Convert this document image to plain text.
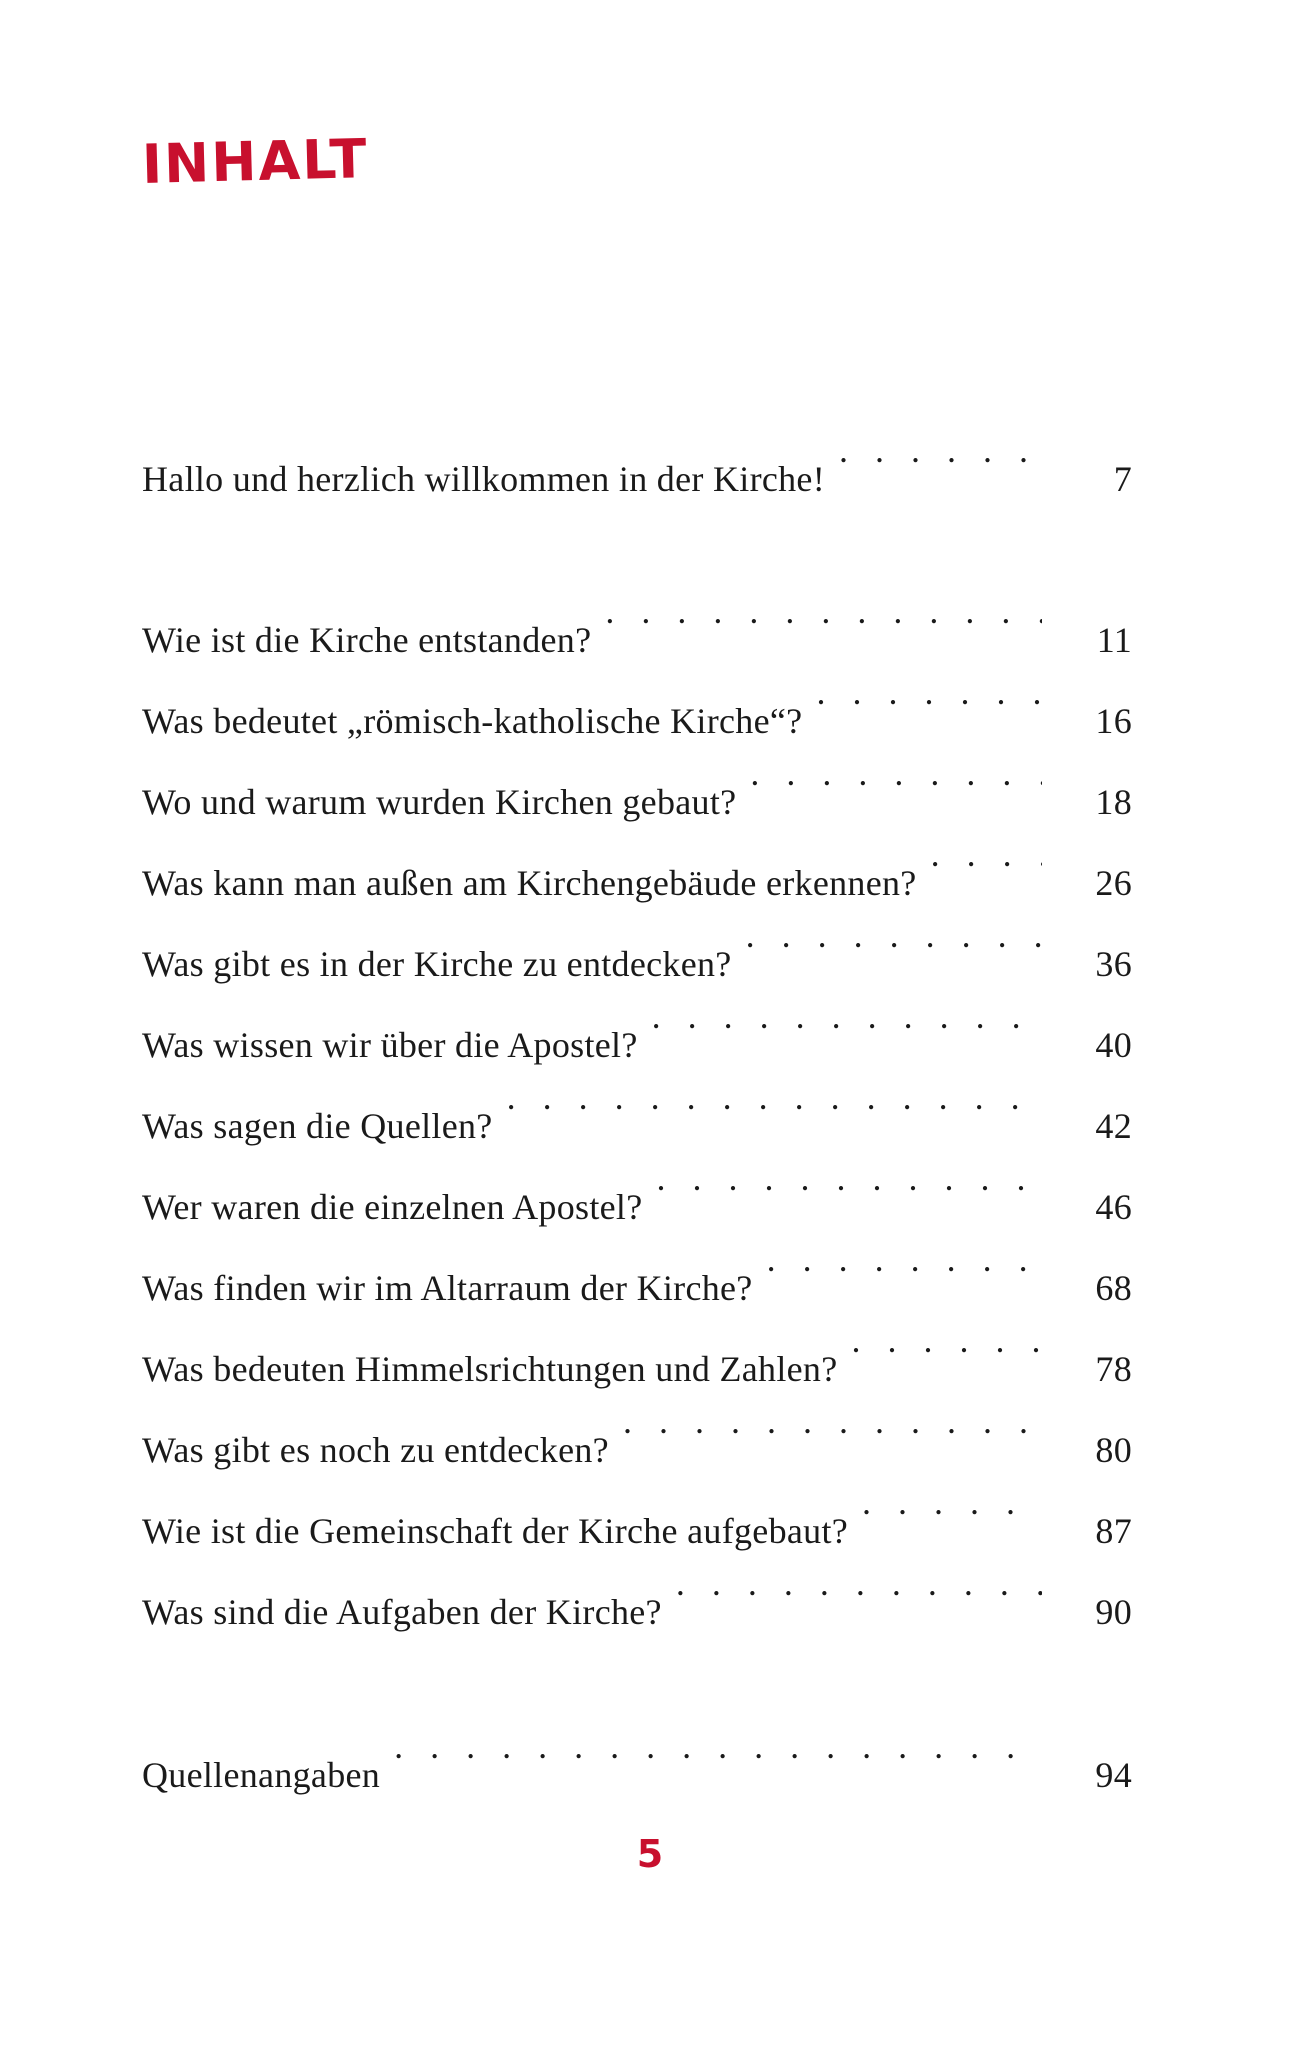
INHALT
Hallo und herzlich willkommen in der Kirche! . . .	7
Wie ist die Kirche entstanden? . . .	11
Was bedeutet „römisch-katholische Kirche“? . . .	16
Wo und warum wurden Kirchen gebaut? . . .	18
Was kann man außen am Kirchengebäude erkennen? . . .	26
Was gibt es in der Kirche zu entdecken? . . .	36
Was wissen wir über die Apostel? . . .	40
Was sagen die Quellen? . . .	42
Wer waren die einzelnen Apostel? . . .	46
Was finden wir im Altarraum der Kirche? . . .	68
Was bedeuten Himmelsrichtungen und Zahlen? . . .	78
Was gibt es noch zu entdecken? . . .	80
Wie ist die Gemeinschaft der Kirche aufgebaut? . . .	87
Was sind die Aufgaben der Kirche? . . .	90
Quellenangaben . . .	94

5
